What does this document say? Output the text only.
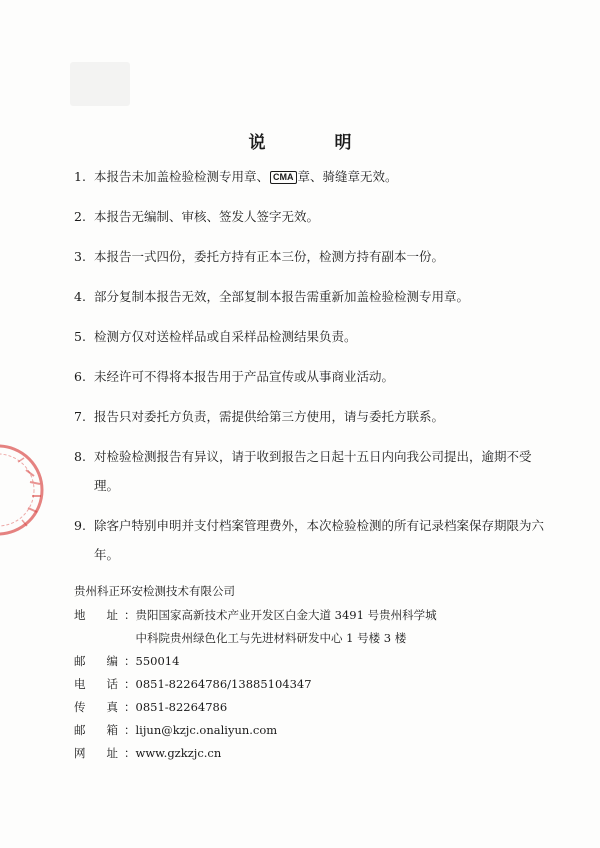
说　明
1. 本报告未加盖检验检测专用章、 CMA 章、骑缝章无效。
2. 本报告无编制、审核、签发人签字无效。
3. 本报告一式四份，委托方持有正本三份，检测方持有副本一份。
4. 部分复制本报告无效，全部复制本报告需重新加盖检验检测专用章。
5. 检测方仅对送检样品或自采样品检测结果负责。
6. 未经许可不得将本报告用于产品宣传或从事商业活动。
7. 报告只对委托方负责，需提供给第三方使用，请与委托方联系。
8. 对检验检测报告有异议，请于收到报告之日起十五日内向我公司提出，逾期不受理。
9. 除客户特别申明并支付档案管理费外，本次检验检测的所有记录档案保存期限为六年。
贵州科正环安检测技术有限公司
地 址 ： 贵阳国家高新技术产业开发区白金大道 3491 号贵州科学城
中科院贵州绿色化工与先进材料研发中心 1 号楼 3 楼
邮 编 ： 550014
电 话 ： 0851-82264786/13885104347
传 真 ： 0851-82264786
邮 箱 ： lijun@kzjc.onaliyun.com
网 址 ： www.gzkzjc.cn
